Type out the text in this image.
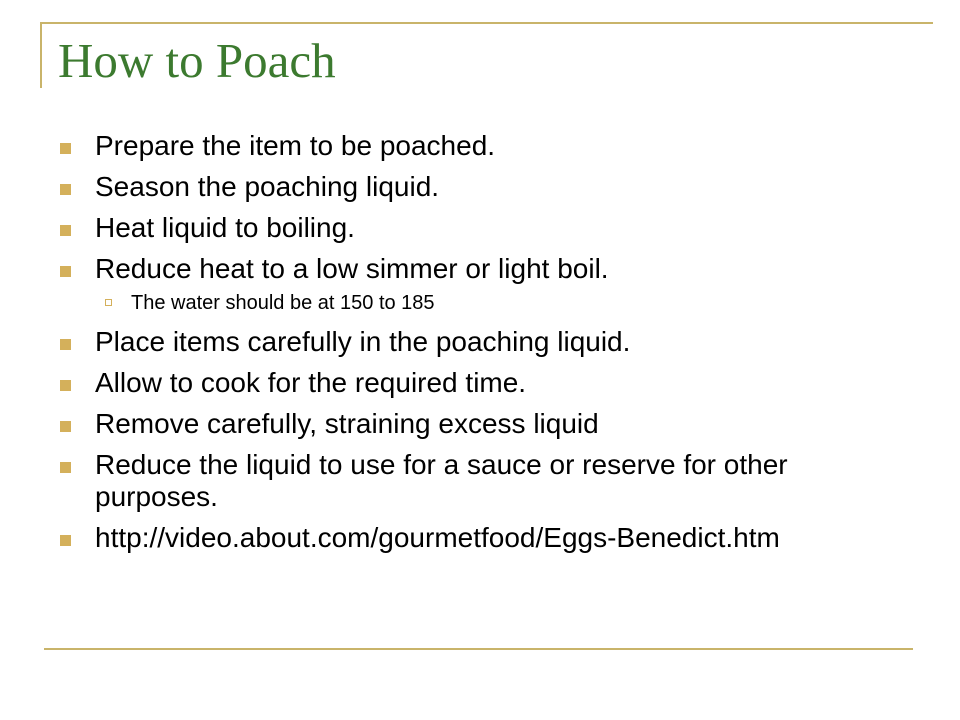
How to Poach
Prepare the item to be poached.
Season the poaching liquid.
Heat liquid to boiling.
Reduce heat to a low simmer or light boil.
The water should be at 150 to 185
Place items carefully in the poaching liquid.
Allow to cook for the required time.
Remove carefully, straining excess liquid
Reduce the liquid to use for a sauce or reserve for other purposes.
http://video.about.com/gourmetfood/Eggs-Benedict.htm
